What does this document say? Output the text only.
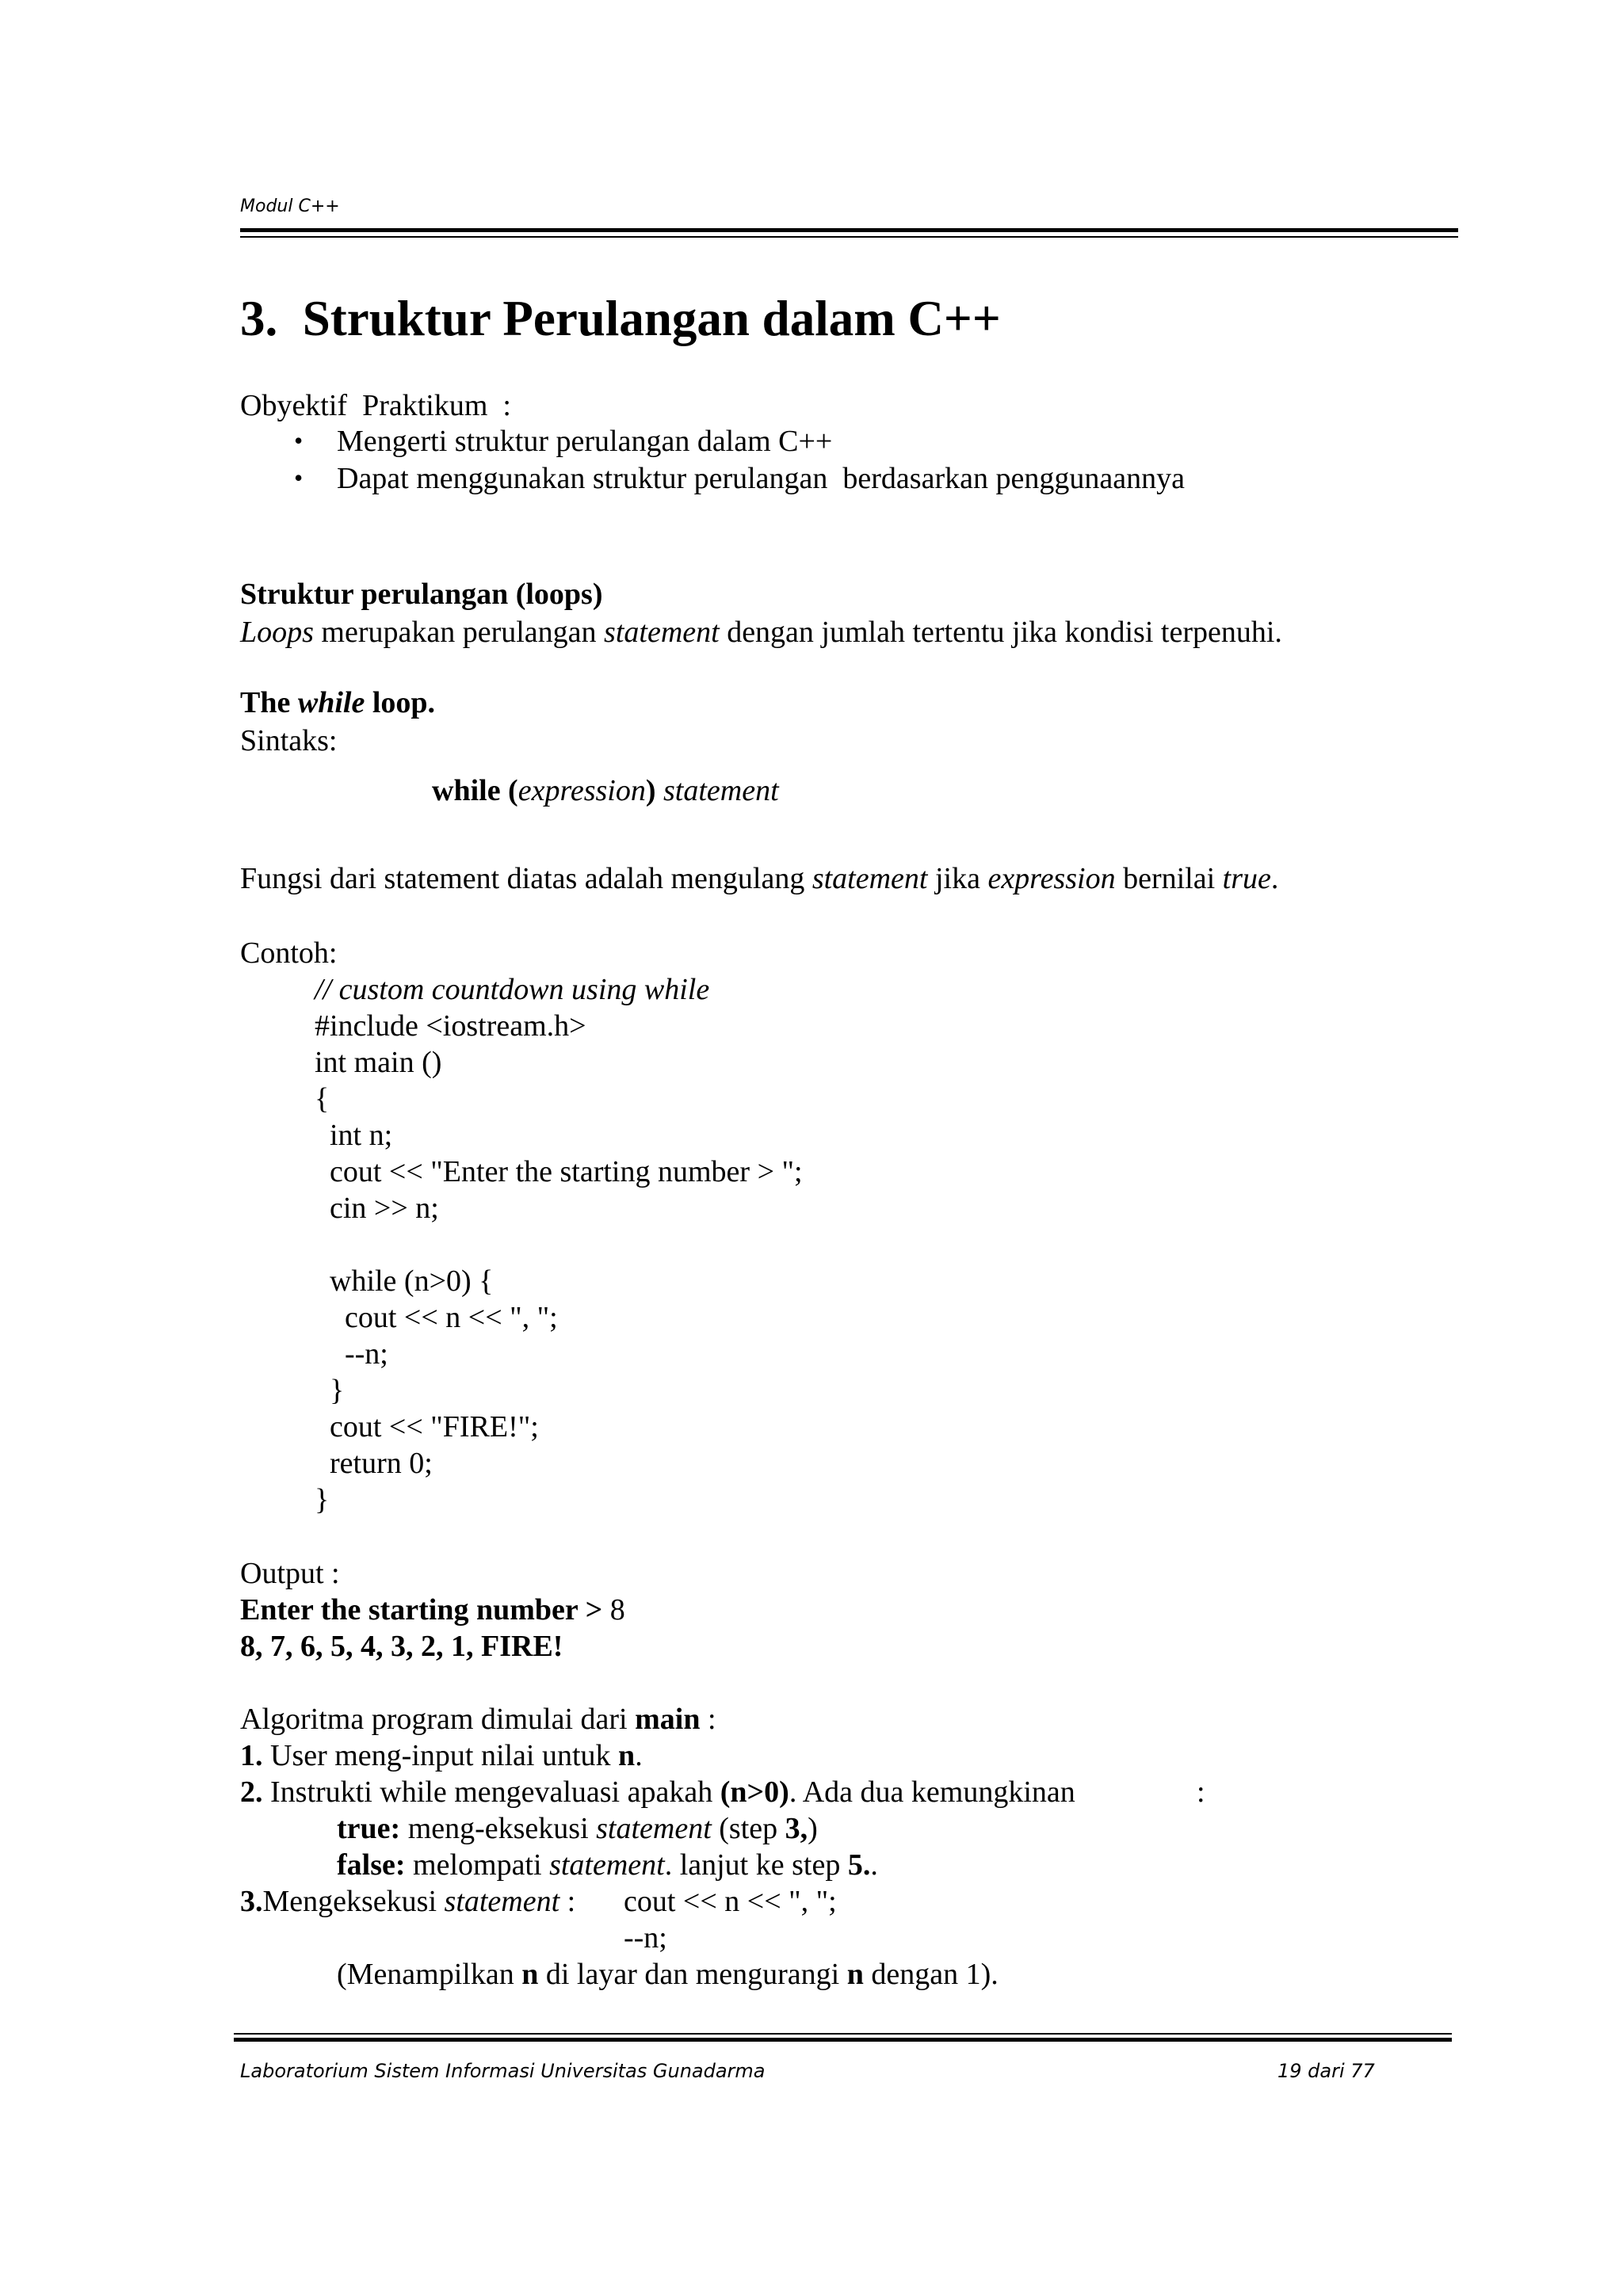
Modul C++
3.  Struktur Perulangan dalam C++
Obyektif  Praktikum  :
• Mengerti struktur perulangan dalam C++
• Dapat menggunakan struktur perulangan  berdasarkan penggunaannya
Struktur perulangan (loops)
Loops merupakan perulangan statement dengan jumlah tertentu jika kondisi terpenuhi.
The while loop.
Sintaks:
while (expression) statement
Fungsi dari statement diatas adalah mengulang statement jika expression bernilai true.
Contoh:
// custom countdown using while
#include <iostream.h>
int main ()
{
int n;
cout << "Enter the starting number > ";
cin >> n;
while (n>0) {
cout << n << ", ";
--n;
}
cout << "FIRE!";
return 0;
}
Output :
Enter the starting number > 8
8, 7, 6, 5, 4, 3, 2, 1, FIRE!
Algoritma program dimulai dari main :
1. User meng-input nilai untuk n.
2. Instrukti while mengevaluasi apakah (n>0). Ada dua kemungkinan	:
true: meng-eksekusi statement (step 3,)
false: melompati statement. lanjut ke step 5..
3.Mengeksekusi statement : cout << n << ", ";
--n;
(Menampilkan n di layar dan mengurangi n dengan 1).
Laboratorium Sistem Informasi Universitas Gunadarma	19 dari 77
